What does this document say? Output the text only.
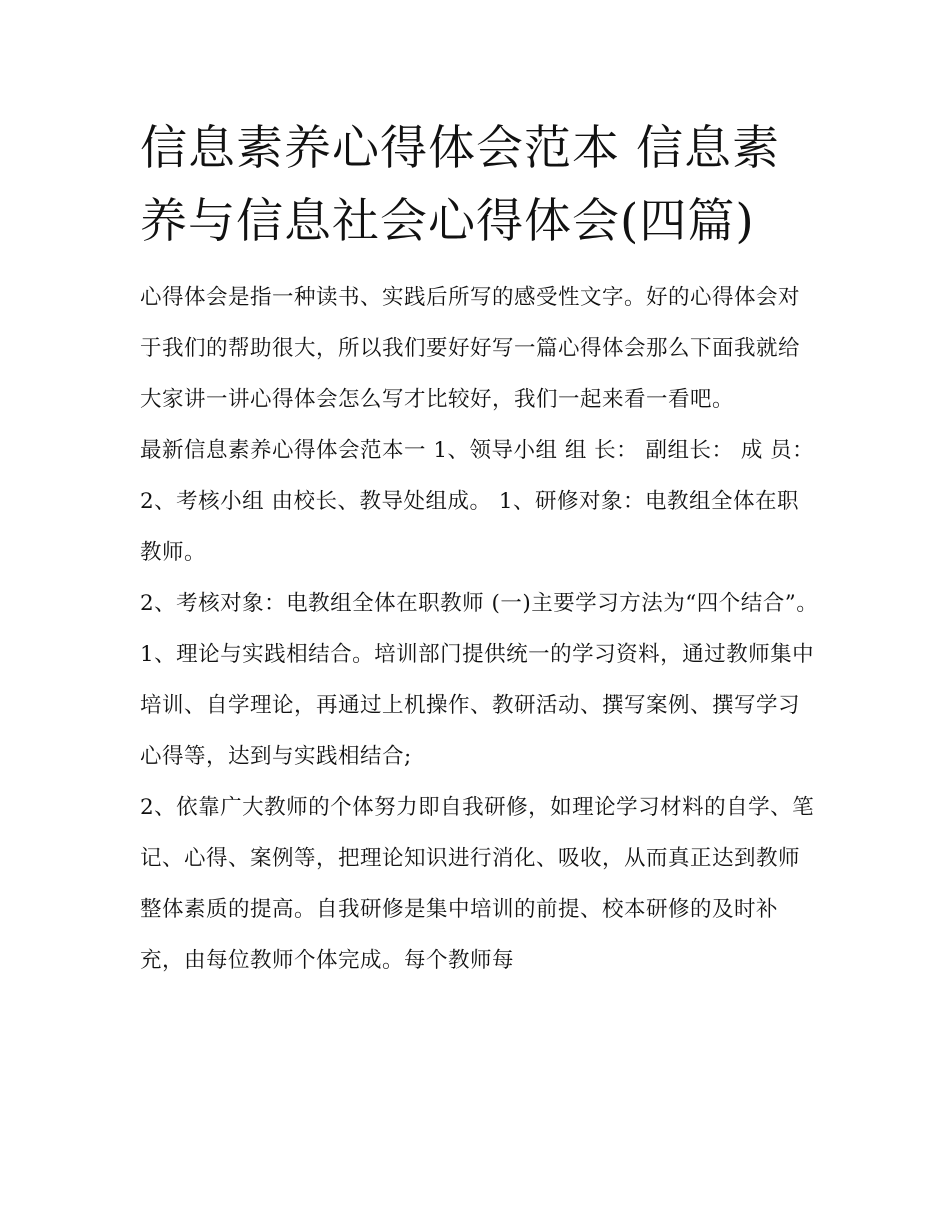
信息素养心得体会范本 信息素养与信息社会心得体会(四篇)

心得体会是指一种读书、实践后所写的感受性文字。好的心得体会对于我们的帮助很大，所以我们要好好写一篇心得体会那么下面我就给大家讲一讲心得体会怎么写才比较好，我们一起来看一看吧。

最新信息素养心得体会范本一 1、领导小组 组 长： 副组长： 成 员： 2、考核小组 由校长、教导处组成。 1、研修对象：电教组全体在职教师。

2、考核对象：电教组全体在职教师 (一)主要学习方法为“四个结合”。

1、理论与实践相结合。培训部门提供统一的学习资料，通过教师集中培训、自学理论，再通过上机操作、教研活动、撰写案例、撰写学习心得等，达到与实践相结合;

2、依靠广大教师的个体努力即自我研修，如理论学习材料的自学、笔记、心得、案例等，把理论知识进行消化、吸收，从而真正达到教师整体素质的提高。自我研修是集中培训的前提、校本研修的及时补充，由每位教师个体完成。每个教师每
